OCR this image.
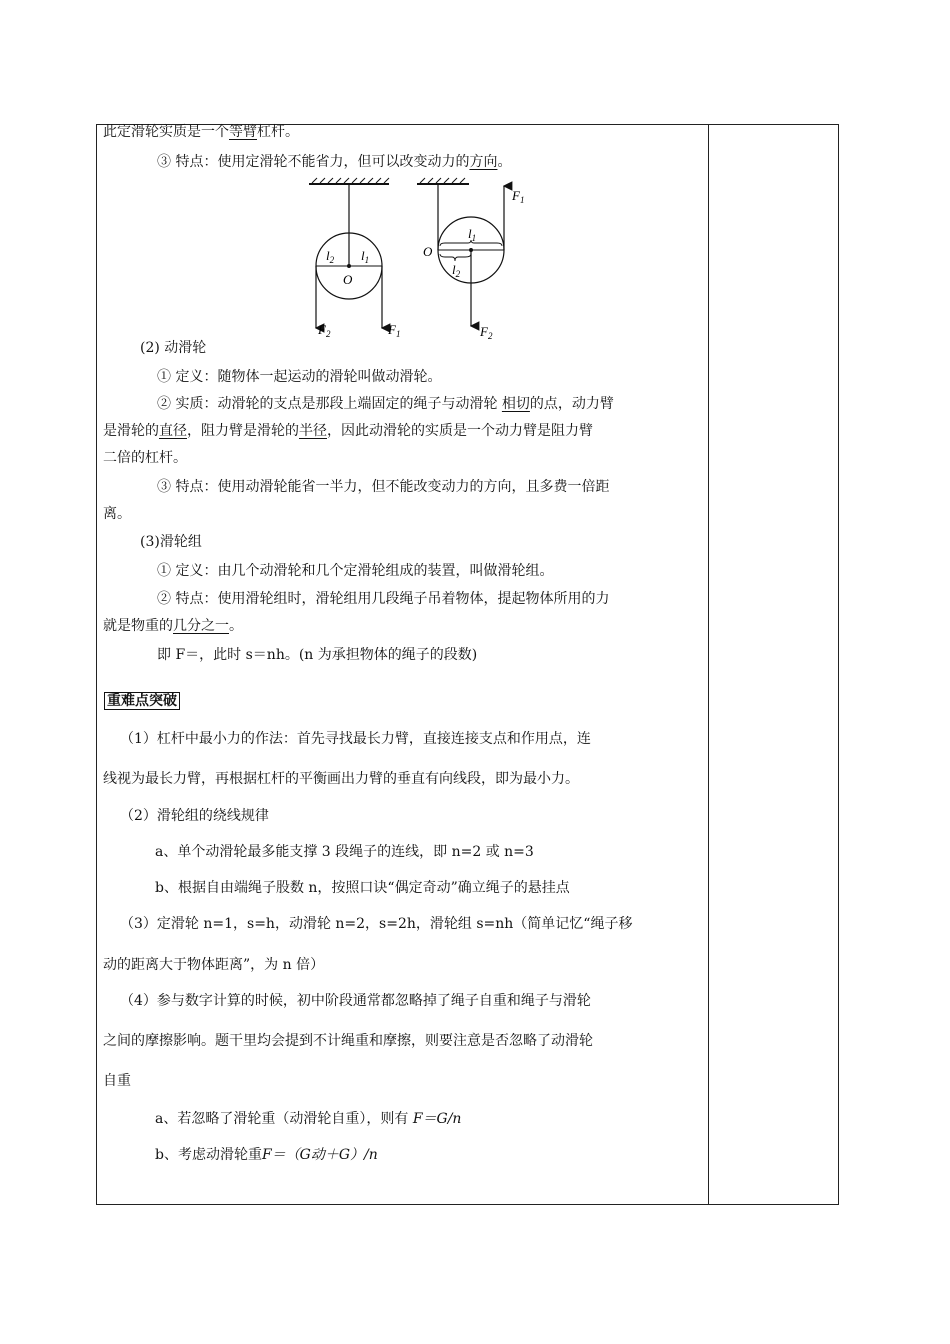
此定滑轮实质是一个等臂杠杆。
③ 特点：使用定滑轮不能省力，但可以改变动力的方向。
$l_2$ $l_1$
O
$F_2$	$F_1$
$F_1$
O
$l_1$
$l_2$
$F_2$
(2) 动滑轮
① 定义：随物体一起运动的滑轮叫做动滑轮。
② 实质：动滑轮的支点是那段上端固定的绳子与动滑轮 相切的点，动力臂
是滑轮的直径，阻力臂是滑轮的半径，因此动滑轮的实质是一个动力臂是阻力臂
二倍的杠杆。
③ 特点：使用动滑轮能省一半力，但不能改变动力的方向，且多费一倍距
离。
(3)滑轮组
① 定义：由几个动滑轮和几个定滑轮组成的装置，叫做滑轮组。
② 特点：使用滑轮组时，滑轮组用几段绳子吊着物体，提起物体所用的力
就是物重的几分之一。
即 F＝，此时 s＝nh。(n 为承担物体的绳子的段数)
重难点突破
（1）杠杆中最小力的作法：首先寻找最长力臂，直接连接支点和作用点，连
线视为最长力臂，再根据杠杆的平衡画出力臂的垂直有向线段，即为最小力。
（2）滑轮组的绕线规律
a、单个动滑轮最多能支撑 3 段绳子的连线，即 n=2 或 n=3
b、根据自由端绳子股数 n，按照口诀“偶定奇动”确立绳子的悬挂点
（3）定滑轮 n=1，s=h，动滑轮 n=2，s=2h，滑轮组 s=nh（简单记忆“绳子移
动的距离大于物体距离”，为 n 倍）
（4）参与数字计算的时候，初中阶段通常都忽略掉了绳子自重和绳子与滑轮
之间的摩擦影响。题干里均会提到不计绳重和摩擦，则要注意是否忽略了动滑轮
自重
a、若忽略了滑轮重（动滑轮自重），则有 F＝G/n
b、考虑动滑轮重F＝（G动＋G）/n
